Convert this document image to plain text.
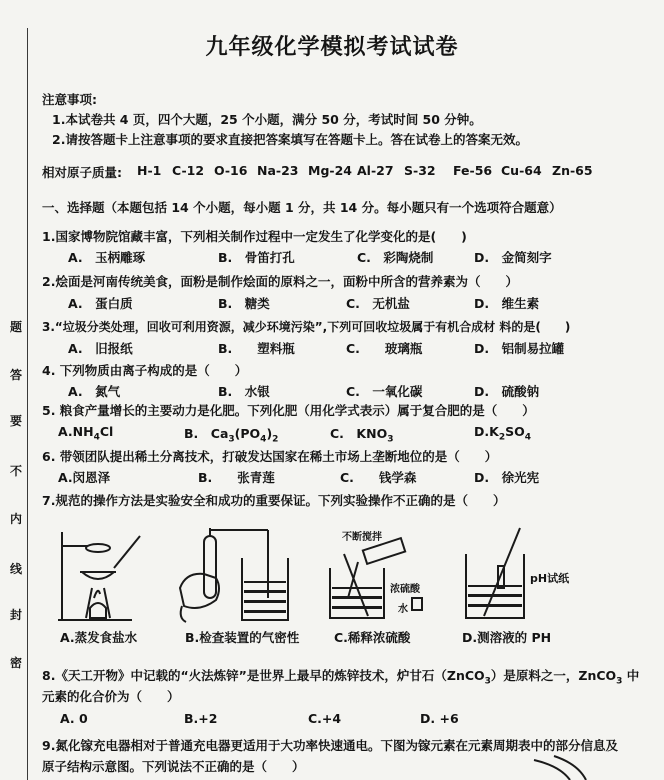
题
答
要
不
内
线
封
密
九年级化学模拟考试试卷
注意事项:
1.本试卷共 4 页，四个大题，25 个小题，满分 50 分，考试时间 50 分钟。
2.请按答题卡上注意事项的要求直接把答案填写在答题卡上。答在试卷上的答案无效。
相对原子质量: H-1 C-12 O-16 Na-23 Mg-24 Al-27 S-32 Fe-56 Cu-64 Zn-65
一、选择题（本题包括 14 个小题，每小题 1 分，共 14 分。每小题只有一个选项符合题意）
1.国家博物院馆藏丰富，下列相关制作过程中一定发生了化学变化的是(　　)
A.　玉柄雕琢	B.　骨笛打孔	C.　彩陶烧制	D.　金简刻字
2.烩面是河南传统美食，面粉是制作烩面的原料之一，面粉中所含的营养素为（　　）
A.　蛋白质	B.　糖类	C.　无机盐	D.　维生素
3.“垃圾分类处理，回收可利用资源，减少环境污染”,下列可回收垃圾属于有机合成材 料的是(　　)
A.　旧报纸	B.　　塑料瓶	C.　　玻璃瓶	D.　铝制易拉罐
4. 下列物质由离子构成的是（　　）
A.　氮气	B.　水银	C.　一氧化碳	D.　硫酸钠
5. 粮食产量增长的主要动力是化肥。下列化肥（用化学式表示）属于复合肥的是（　　）
$A.NH_4Cl$	B.　$Ca_3(PO_4)_2$	C.　$KNO_3$
$D.K_2SO_4$
6. 带领团队提出稀土分离技术，打破发达国家在稀土市场上垄断地位的是（　　）
A.闵恩泽	B.　　张青莲	C.　　钱学森	D.　徐光宪
7.规范的操作方法是实验安全和成功的重要保证。下列实验操作不正确的是（　　）
不断搅拌
浓硫酸
水
pH试纸
A.蒸发食盐水	B.检查装置的气密性	C.稀释浓硫酸	D.测溶液的 PH
8.《天工开物》中记载的“火法炼锌”是世界上最早的炼锌技术，炉甘石（ZnCO$_3$）是原料之一，ZnCO$_3$ 中
元素的化合价为（　　）
A. 0	B.+2	C.+4	D. +6
9.氮化镓充电器相对于普通充电器更适用于大功率快速通电。下图为镓元素在元素周期表中的部分信息及
原子结构示意图。下列说法不正确的是（　　）
